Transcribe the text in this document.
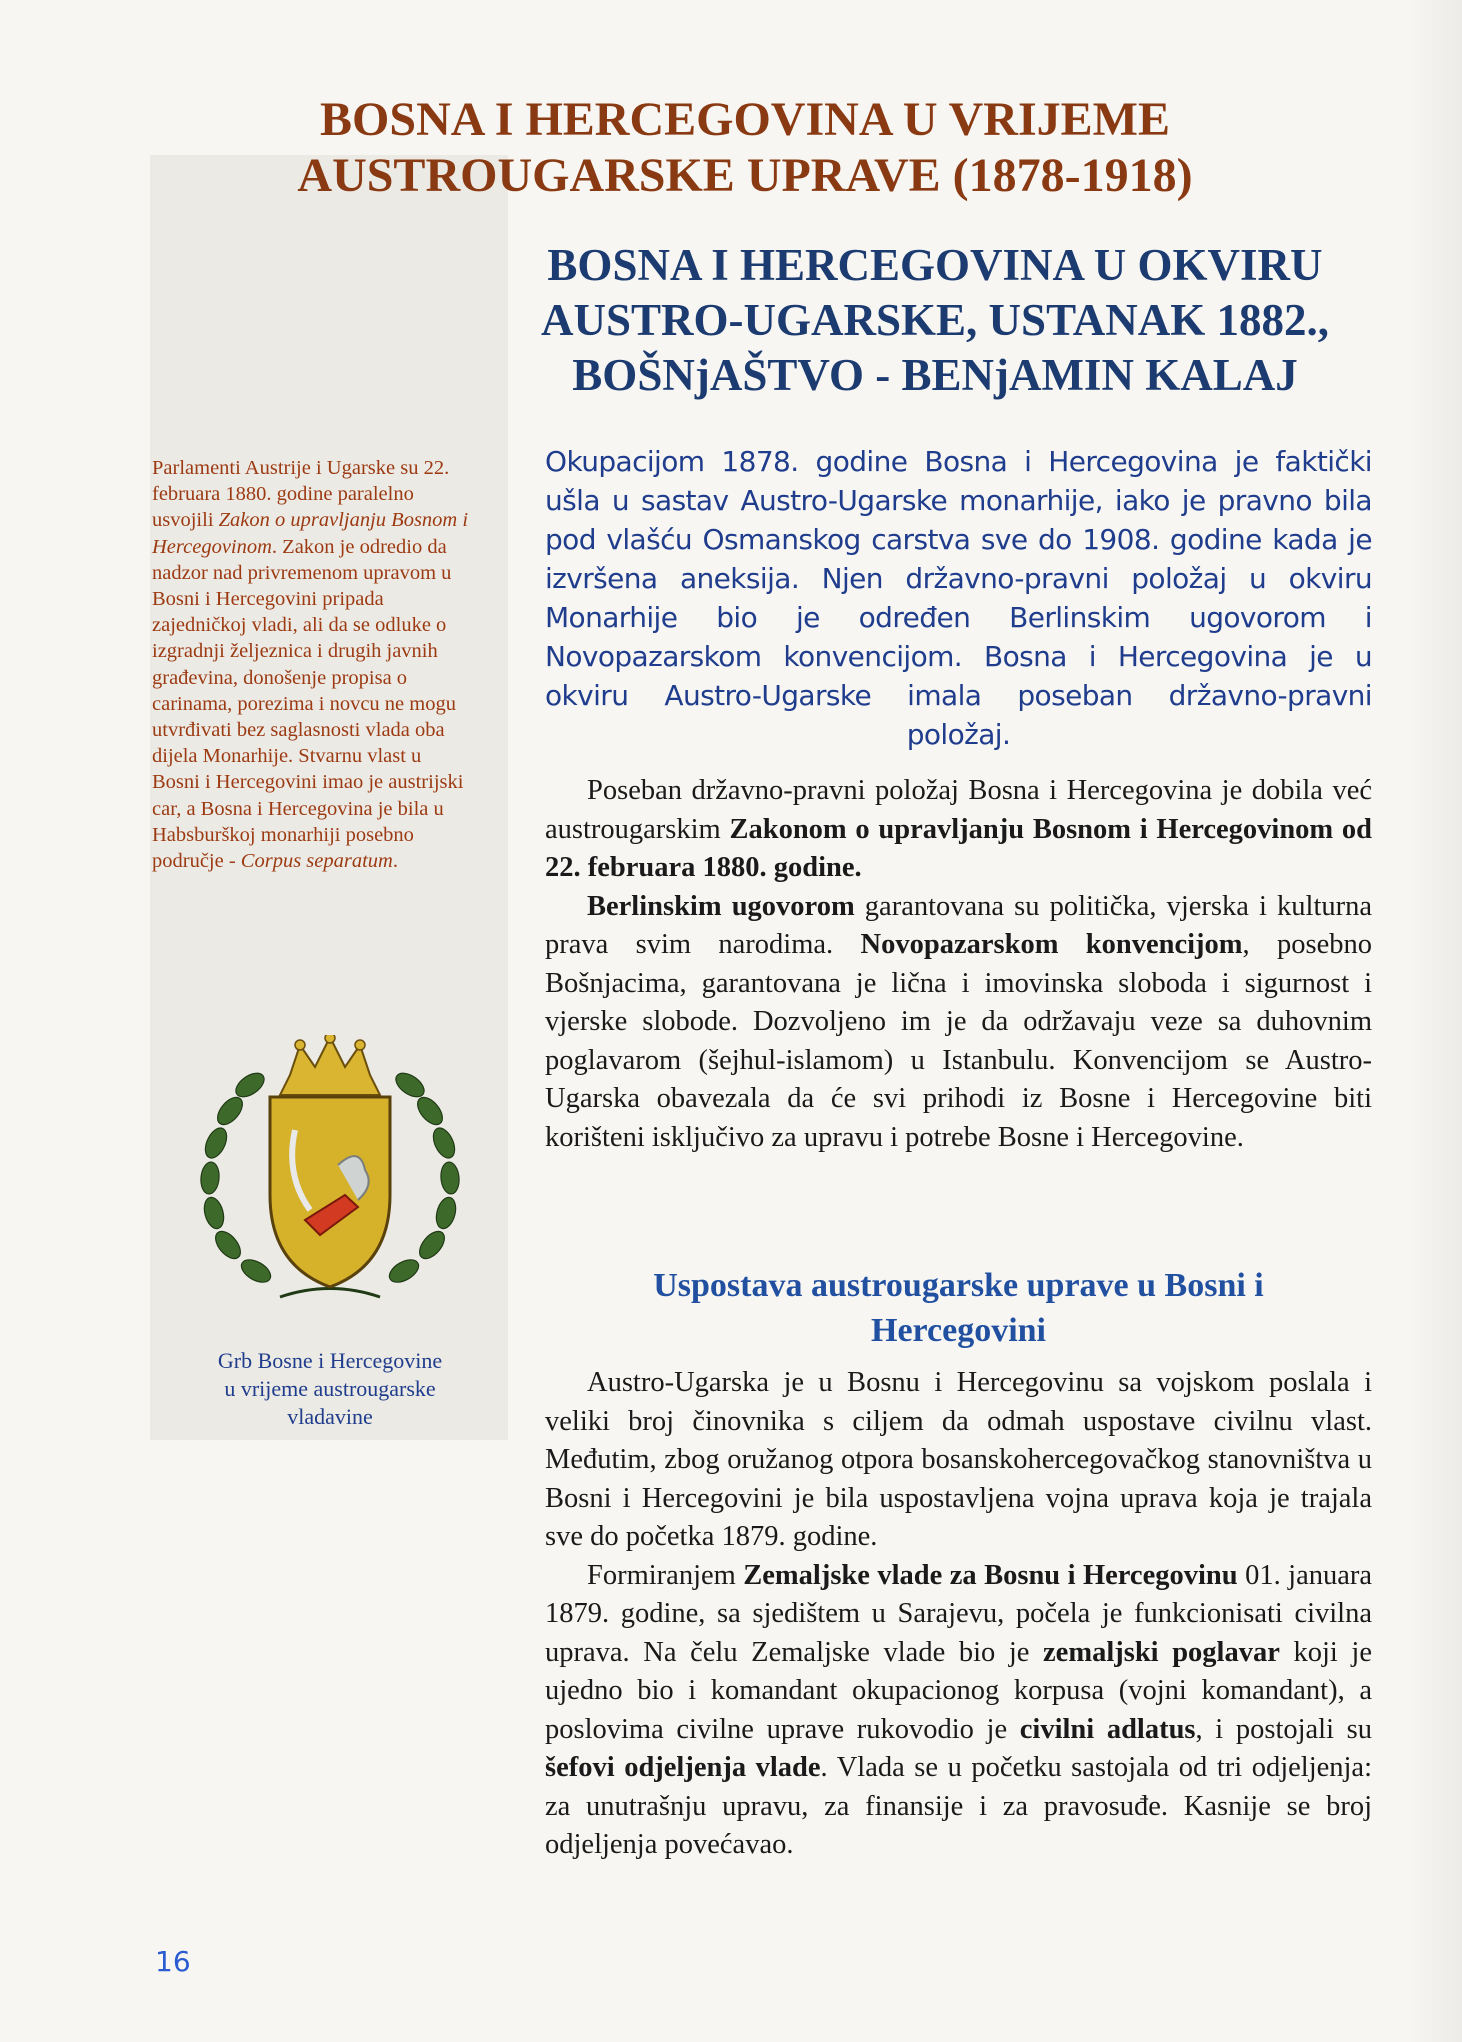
BOSNA I HERCEGOVINA U VRIJEME
AUSTROUGARSKE UPRAVE (1878-1918)
BOSNA I HERCEGOVINA U OKVIRU
AUSTRO-UGARSKE, USTANAK 1882.,
BOŠNjAŠTVO - BENjAMIN KALAJ

Okupacijom 1878. godine Bosna i Hercegovina je faktički ušla u sastav Austro-Ugarske monarhije, iako je pravno bila pod vlašću Osmanskog carstva sve do 1908. godine kada je izvršena aneksija. Njen državno-pravni položaj u okviru Monarhije bio je određen Berlinskim ugovorom i Novopazarskom konvencijom. Bosna i Hercegovina je u okviru Austro-Ugarske imala poseban državno-pravni položaj.

Poseban državno-pravni položaj Bosna i Hercegovina je dobila već austrougarskim Zakonom o upravljanju Bosnom i Hercegovinom od 22. februara 1880. godine.

Berlinskim ugovorom garantovana su politička, vjerska i kulturna prava svim narodima. Novopazarskom konvencijom, posebno Bošnjacima, garantovana je lična i imovinska sloboda i sigurnost i vjerske slobode. Dozvoljeno im je da održavaju veze sa duhovnim poglavarom (šejhul-islamom) u Istanbulu. Konvencijom se Austro-Ugarska obavezala da će svi prihodi iz Bosne i Hercegovine biti korišteni isključivo za upravu i potrebe Bosne i Hercegovine.

Uspostava austrougarske uprave u Bosni i
Hercegovini

Austro-Ugarska je u Bosnu i Hercegovinu sa vojskom poslala i veliki broj činovnika s ciljem da odmah uspostave civilnu vlast. Međutim, zbog oružanog otpora bosanskohercegovačkog stanovništva u Bosni i Hercegovini je bila uspostavljena vojna uprava koja je trajala sve do početka 1879. godine.

Formiranjem Zemaljske vlade za Bosnu i Hercegovinu 01. januara 1879. godine, sa sjedištem u Sarajevu, počela je funkcionisati civilna uprava. Na čelu Zemaljske vlade bio je zemaljski poglavar koji je ujedno bio i komandant okupacionog korpusa (vojni komandant), a poslovima civilne uprave rukovodio je civilni adlatus, i postojali su šefovi odjeljenja vlade. Vlada se u početku sastojala od tri odjeljenja: za unutrašnju upravu, za finansije i za pravosuđe. Kasnije se broj odjeljenja povećavao.

Parlamenti Austrije i Ugarske su 22. februara 1880. godine paralelno usvojili Zakon o upravljanju Bosnom i Hercegovinom. Zakon je odredio da nadzor nad privremenom upravom u Bosni i Hercegovini pripada zajedničkoj vladi, ali da se odluke o izgradnji željeznica i drugih javnih građevina, donošenje propisa o carinama, porezima i novcu ne mogu utvrđivati bez saglasnosti vlada oba dijela Monarhije. Stvarnu vlast u Bosni i Hercegovini imao je austrijski car, a Bosna i Hercegovina je bila u Habsburškoj monarhiji posebno područje - Corpus separatum.

Grb Bosne i Hercegovine
u vrijeme austrougarske
vladavine

16
